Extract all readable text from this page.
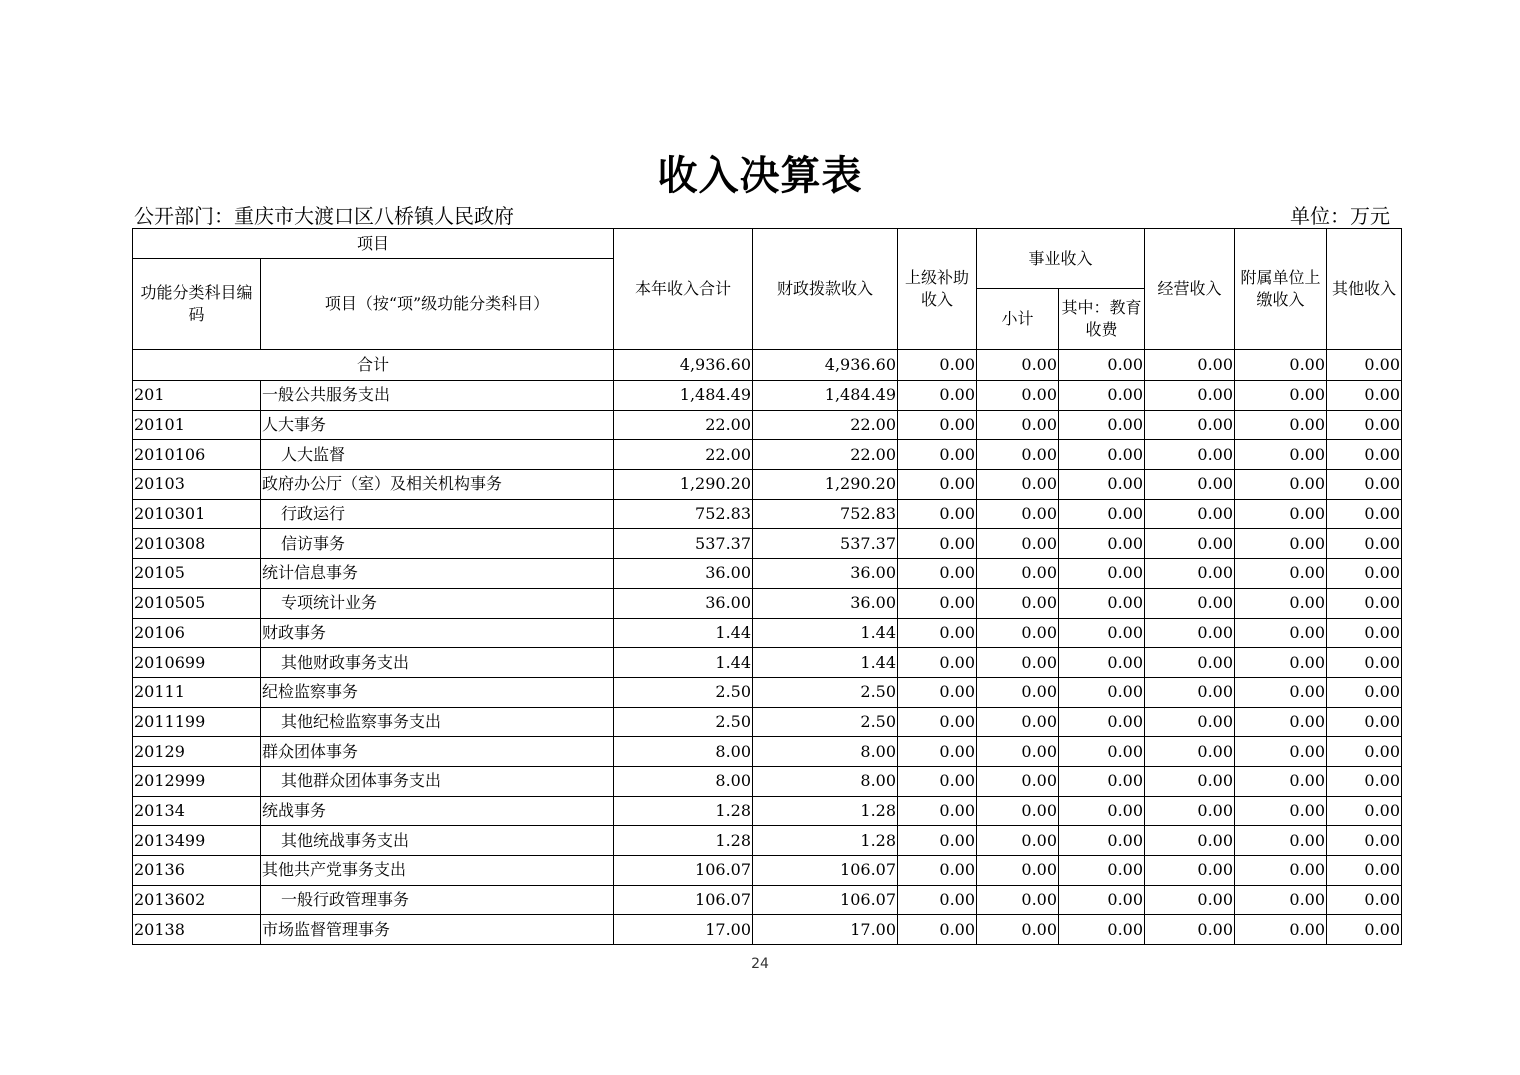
收入决算表
公开部门：重庆市大渡口区八桥镇人民政府	单位：万元
项目		本年收入合计	财政拨款收入	上级补助收入	事业收入		经营收入	附属单位上缴收入	其他收入
功能分类科目编码	项目（按“项”级功能分类科目）								
					小计	其中：教育收费			
合计		4,936.60	4,936.60	0.00	0.00	0.00	0.00	0.00	0.00
201	一般公共服务支出	1,484.49	1,484.49	0.00	0.00	0.00	0.00	0.00	0.00
20101	人大事务	22.00	22.00	0.00	0.00	0.00	0.00	0.00	0.00
2010106	人大监督	22.00	22.00	0.00	0.00	0.00	0.00	0.00	0.00
20103	政府办公厅（室）及相关机构事务	1,290.20	1,290.20	0.00	0.00	0.00	0.00	0.00	0.00
2010301	行政运行	752.83	752.83	0.00	0.00	0.00	0.00	0.00	0.00
2010308	信访事务	537.37	537.37	0.00	0.00	0.00	0.00	0.00	0.00
20105	统计信息事务	36.00	36.00	0.00	0.00	0.00	0.00	0.00	0.00
2010505	专项统计业务	36.00	36.00	0.00	0.00	0.00	0.00	0.00	0.00
20106	财政事务	1.44	1.44	0.00	0.00	0.00	0.00	0.00	0.00
2010699	其他财政事务支出	1.44	1.44	0.00	0.00	0.00	0.00	0.00	0.00
20111	纪检监察事务	2.50	2.50	0.00	0.00	0.00	0.00	0.00	0.00
2011199	其他纪检监察事务支出	2.50	2.50	0.00	0.00	0.00	0.00	0.00	0.00
20129	群众团体事务	8.00	8.00	0.00	0.00	0.00	0.00	0.00	0.00
2012999	其他群众团体事务支出	8.00	8.00	0.00	0.00	0.00	0.00	0.00	0.00
20134	统战事务	1.28	1.28	0.00	0.00	0.00	0.00	0.00	0.00
2013499	其他统战事务支出	1.28	1.28	0.00	0.00	0.00	0.00	0.00	0.00
20136	其他共产党事务支出	106.07	106.07	0.00	0.00	0.00	0.00	0.00	0.00
2013602	一般行政管理事务	106.07	106.07	0.00	0.00	0.00	0.00	0.00	0.00
20138	市场监督管理事务	17.00	17.00	0.00	0.00	0.00	0.00	0.00	0.00
24
